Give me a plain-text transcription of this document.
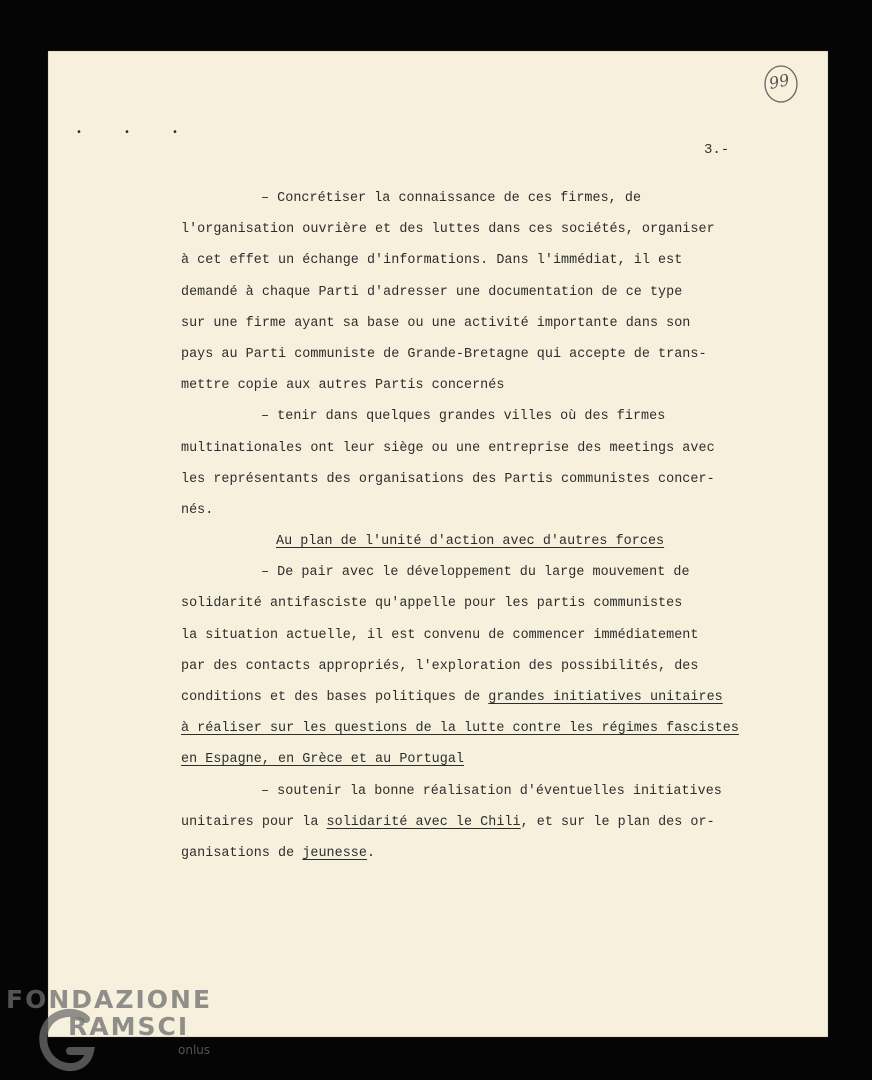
• • •
99
3.-
– Concrétiser la connaissance de ces firmes, de
l'organisation ouvrière et des luttes dans ces sociétés, organiser
à cet effet un échange d'informations. Dans l'immédiat, il est
demandé à chaque Parti d'adresser une documentation de ce type
sur une firme ayant sa base ou une activité importante dans son
pays au Parti communiste de Grande-Bretagne qui accepte de trans-
mettre copie aux autres Partis concernés
– tenir dans quelques grandes villes où des firmes
multinationales ont leur siège ou une entreprise des meetings avec
les représentants des organisations des Partis communistes concer-
nés.
Au plan de l'unité d'action avec d'autres forces
– De pair avec le développement du large mouvement de
solidarité antifasciste qu'appelle pour les partis communistes
la situation actuelle, il est convenu de commencer immédiatement
par des contacts appropriés, l'exploration des possibilités, des
conditions et des bases politiques de grandes initiatives unitaires
à réaliser sur les questions de la lutte contre les régimes fascistes
en Espagne, en Grèce et au Portugal
– soutenir la bonne réalisation d'éventuelles initiatives
unitaires pour la solidarité avec le Chili, et sur le plan des or-
ganisations de jeunesse.
FONDAZIONE
RAMSCI
onlus
